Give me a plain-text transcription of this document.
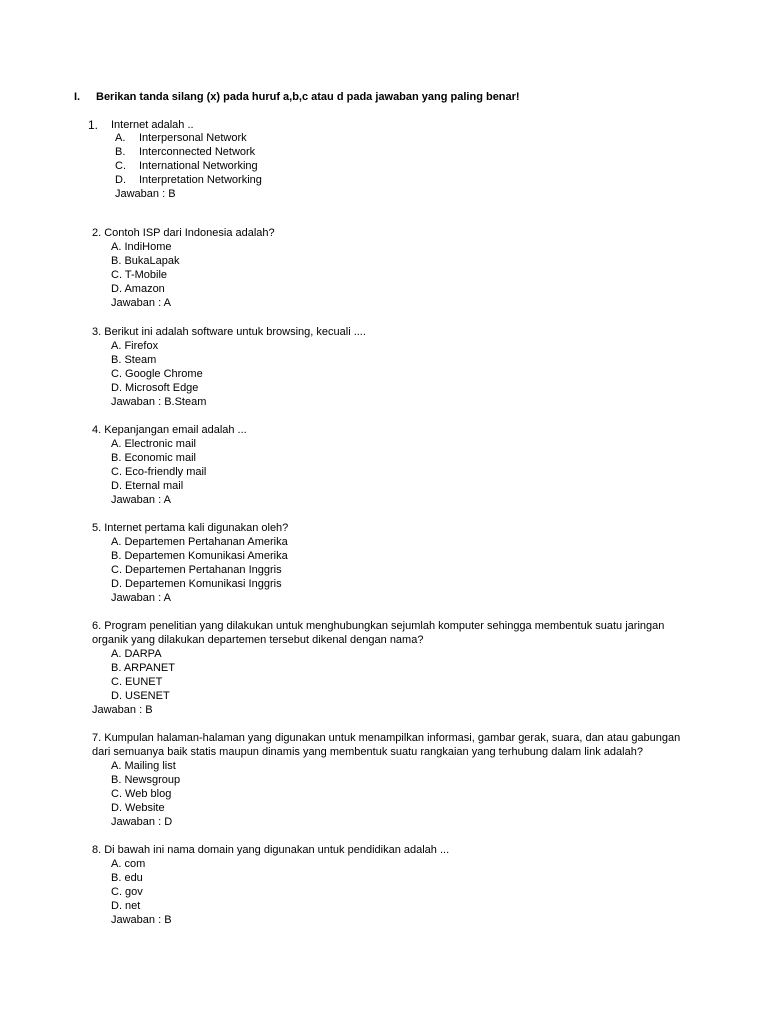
I. Berikan tanda silang (x) pada huruf a,b,c atau d pada jawaban yang paling benar!
1. Internet adalah ..
A. Interpersonal Network
B. Interconnected Network
C. International Networking
D. Interpretation Networking
Jawaban : B
2. Contoh ISP dari Indonesia adalah?
A. IndiHome
B. BukaLapak
C. T-Mobile
D. Amazon
Jawaban : A
3. Berikut ini adalah software untuk browsing, kecuali ....
A. Firefox
B. Steam
C. Google Chrome
D. Microsoft Edge
Jawaban : B.Steam
4. Kepanjangan email adalah ...
A. Electronic mail
B. Economic mail
C. Eco-friendly mail
D. Eternal mail
Jawaban : A
5. Internet pertama kali digunakan oleh?
A. Departemen Pertahanan Amerika
B. Departemen Komunikasi Amerika
C. Departemen Pertahanan Inggris
D. Departemen Komunikasi Inggris
Jawaban : A
6. Program penelitian yang dilakukan untuk menghubungkan sejumlah komputer sehingga membentuk suatu jaringan
organik yang dilakukan departemen tersebut dikenal dengan nama?
A. DARPA
B. ARPANET
C. EUNET
D. USENET
Jawaban : B
7. Kumpulan halaman-halaman yang digunakan untuk menampilkan informasi, gambar gerak, suara, dan atau gabungan
dari semuanya baik statis maupun dinamis yang membentuk suatu rangkaian yang terhubung dalam link adalah?
A. Mailing list
B. Newsgroup
C. Web blog
D. Website
Jawaban : D
8. Di bawah ini nama domain yang digunakan untuk pendidikan adalah ...
A. com
B. edu
C. gov
D. net
Jawaban : B
